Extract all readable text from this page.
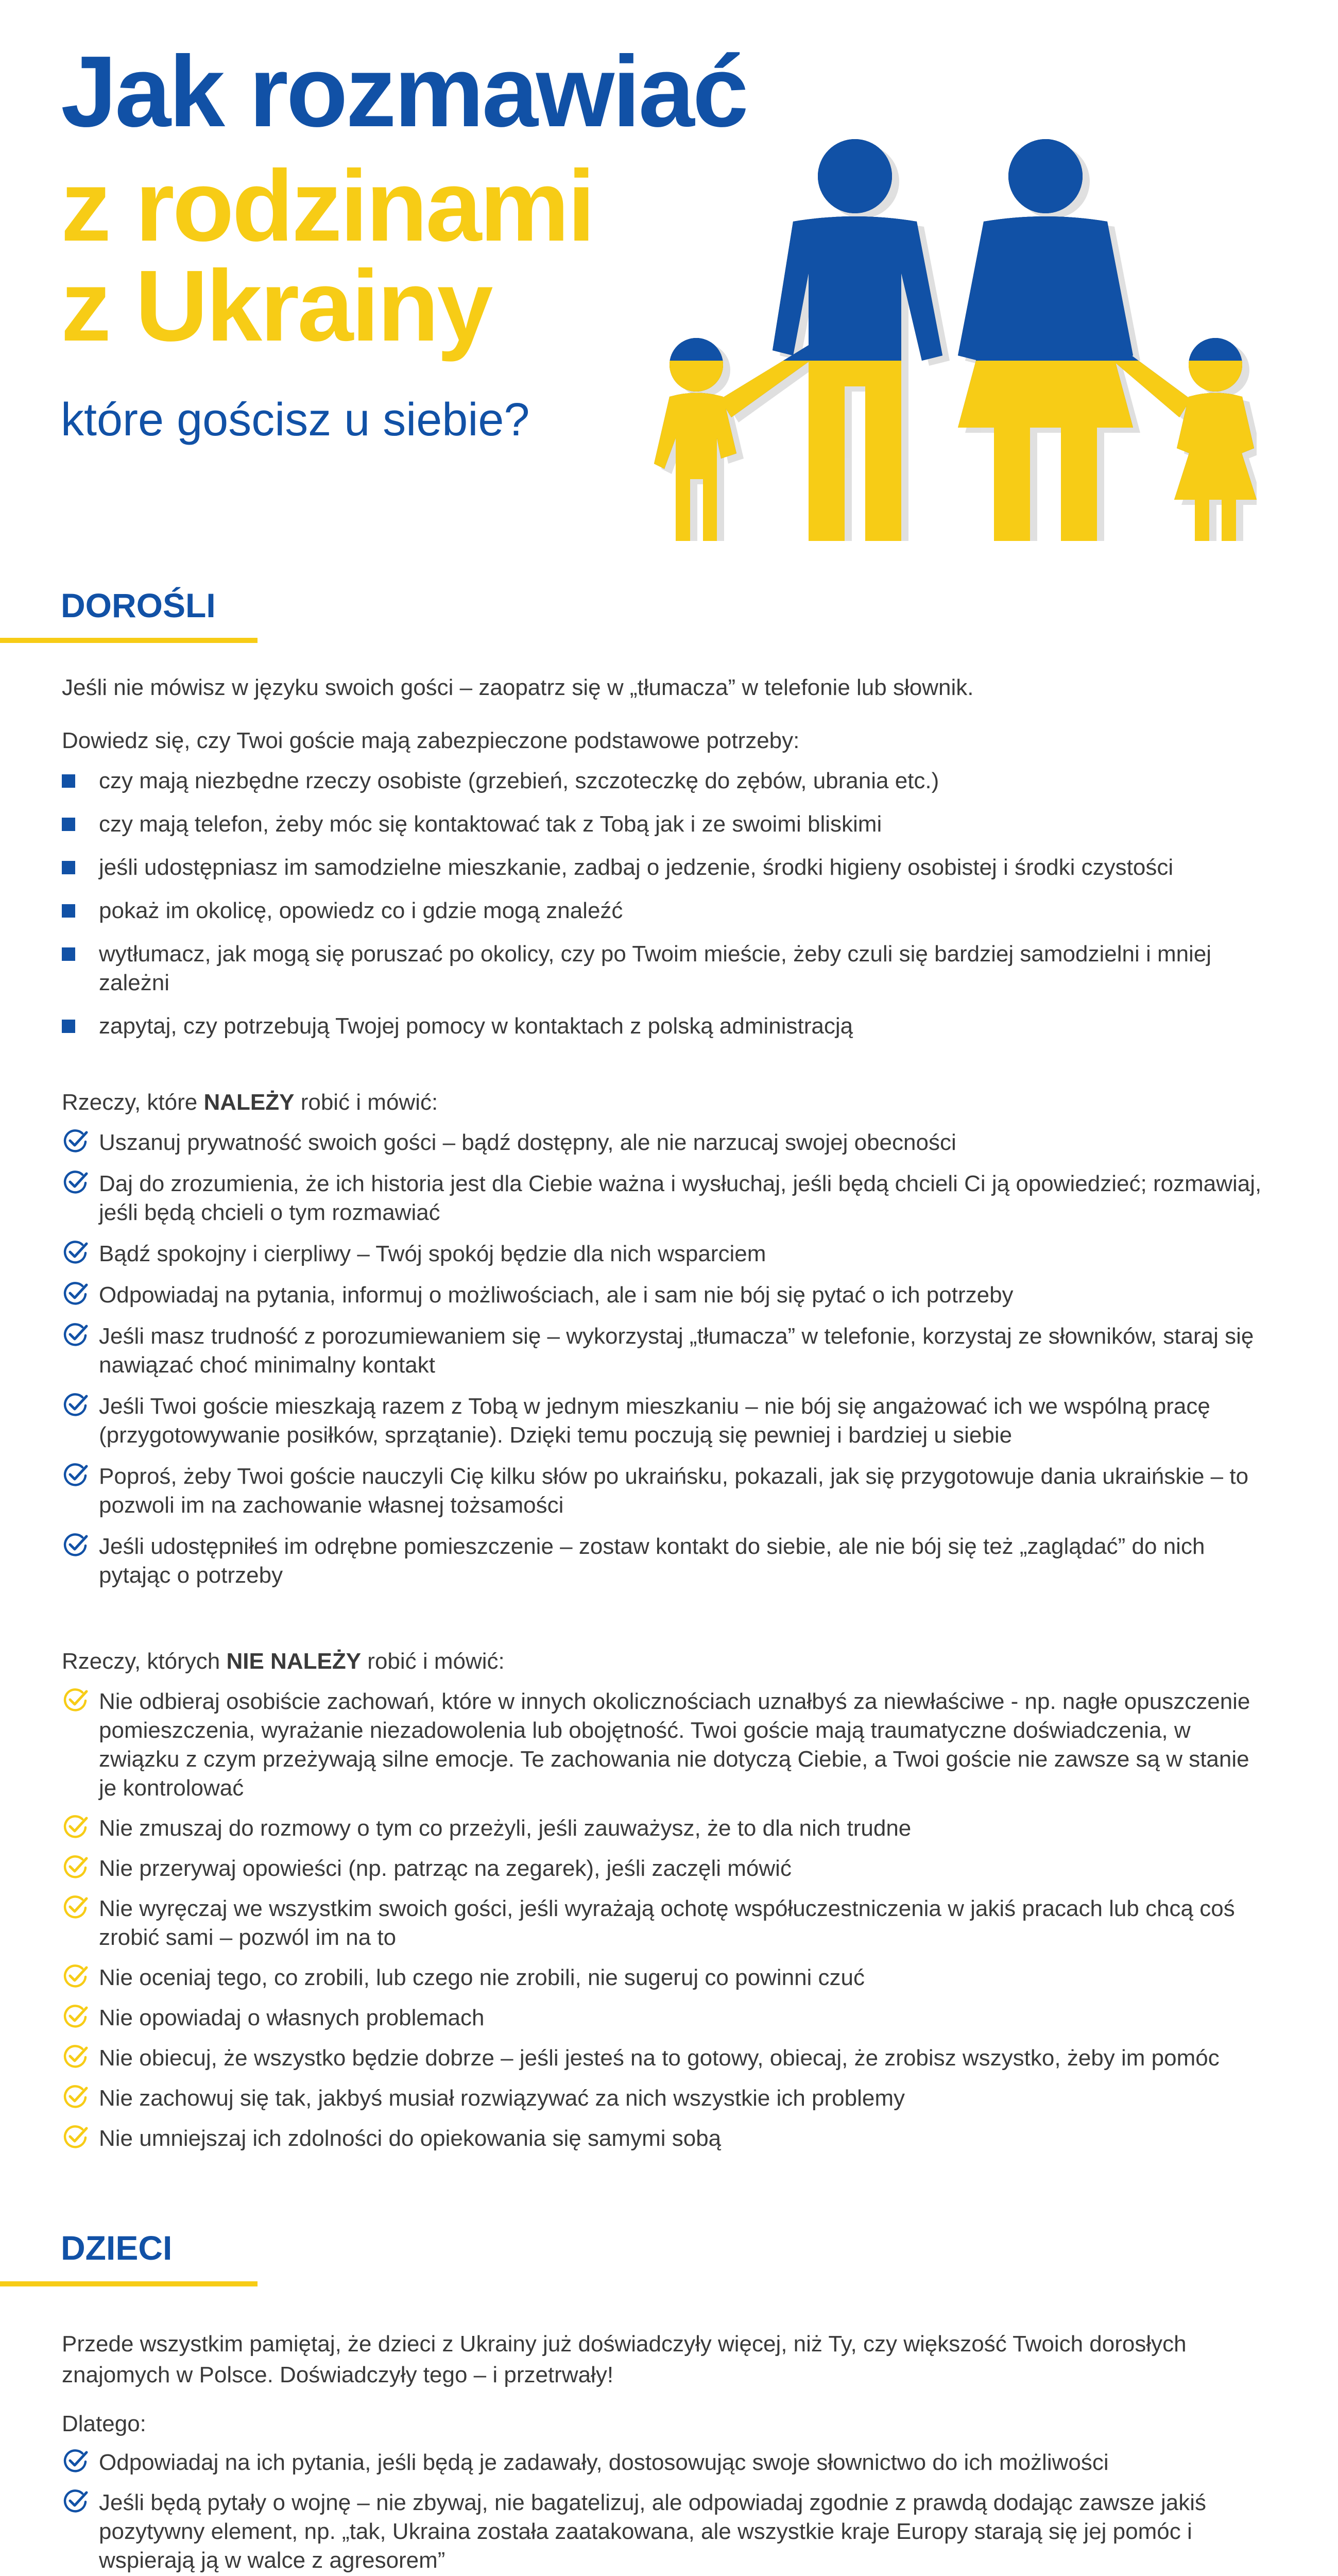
Jak rozmawiać
z rodzinami
z Ukrainy
które gościsz u siebie?
DOROŚLI
Jeśli nie mówisz w języku swoich gości – zaopatrz się w „tłumacza” w telefonie lub słownik.
Dowiedz się, czy Twoi goście mają zabezpieczone podstawowe potrzeby:
czy mają niezbędne rzeczy osobiste (grzebień, szczoteczkę do zębów, ubrania etc.)
czy mają telefon, żeby móc się kontaktować tak z Tobą jak i ze swoimi bliskimi
jeśli udostępniasz im samodzielne mieszkanie, zadbaj o jedzenie, środki higieny osobistej i środki czystości
pokaż im okolicę, opowiedz co i gdzie mogą znaleźć
wytłumacz, jak mogą się poruszać po okolicy, czy po Twoim mieście, żeby czuli się bardziej samodzielni i mniej zależni
zapytaj, czy potrzebują Twojej pomocy w kontaktach z polską administracją
Rzeczy, które NALEŻY robić i mówić:
Uszanuj prywatność swoich gości – bądź dostępny, ale nie narzucaj swojej obecności
Daj do zrozumienia, że ich historia jest dla Ciebie ważna i wysłuchaj, jeśli będą chcieli Ci ją opowiedzieć; rozmawiaj, jeśli będą chcieli o tym rozmawiać
Bądź spokojny i cierpliwy – Twój spokój będzie dla nich wsparciem
Odpowiadaj na pytania, informuj o możliwościach, ale i sam nie bój się pytać o ich potrzeby
Jeśli masz trudność z porozumiewaniem się – wykorzystaj „tłumacza” w telefonie, korzystaj ze słowników, staraj się nawiązać choć minimalny kontakt
Jeśli Twoi goście mieszkają razem z Tobą w jednym mieszkaniu – nie bój się angażować ich we wspólną pracę (przygotowywanie posiłków, sprzątanie). Dzięki temu poczują się pewniej i bardziej u siebie
Poproś, żeby Twoi goście nauczyli Cię kilku słów po ukraińsku, pokazali, jak się przygotowuje dania ukraińskie – to pozwoli im na zachowanie własnej tożsamości
Jeśli udostępniłeś im odrębne pomieszczenie – zostaw kontakt do siebie, ale nie bój się też „zaglądać” do nich pytając o potrzeby
Rzeczy, których NIE NALEŻY robić i mówić:
Nie odbieraj osobiście zachowań, które w innych okolicznościach uznałbyś za niewłaściwe - np. nagłe opuszczenie pomieszczenia, wyrażanie niezadowolenia lub obojętność. Twoi goście mają traumatyczne doświadczenia, w związku z czym przeżywają silne emocje. Te zachowania nie dotyczą Ciebie, a Twoi goście nie zawsze są w stanie je kontrolować
Nie zmuszaj do rozmowy o tym co przeżyli, jeśli zauważysz, że to dla nich trudne
Nie przerywaj opowieści (np. patrząc na zegarek), jeśli zaczęli mówić
Nie wyręczaj we wszystkim swoich gości, jeśli wyrażają ochotę współuczestniczenia w jakiś pracach lub chcą coś zrobić sami – pozwól im na to
Nie oceniaj tego, co zrobili, lub czego nie zrobili, nie sugeruj co powinni czuć
Nie opowiadaj o własnych problemach
Nie obiecuj, że wszystko będzie dobrze – jeśli jesteś na to gotowy, obiecaj, że zrobisz wszystko, żeby im pomóc
Nie zachowuj się tak, jakbyś musiał rozwiązywać za nich wszystkie ich problemy
Nie umniejszaj ich zdolności do opiekowania się samymi sobą
DZIECI
Przede wszystkim pamiętaj, że dzieci z Ukrainy już doświadczyły więcej, niż Ty, czy większość Twoich dorosłych znajomych w Polsce. Doświadczyły tego – i przetrwały!
Dlatego:
Odpowiadaj na ich pytania, jeśli będą je zadawały, dostosowując swoje słownictwo do ich możliwości
Jeśli będą pytały o wojnę – nie zbywaj, nie bagatelizuj, ale odpowiadaj zgodnie z prawdą dodając zawsze jakiś pozytywny element, np. „tak, Ukraina została zaatakowana, ale wszystkie kraje Europy starają się jej pomóc i wspierają ją w walce z agresorem”
